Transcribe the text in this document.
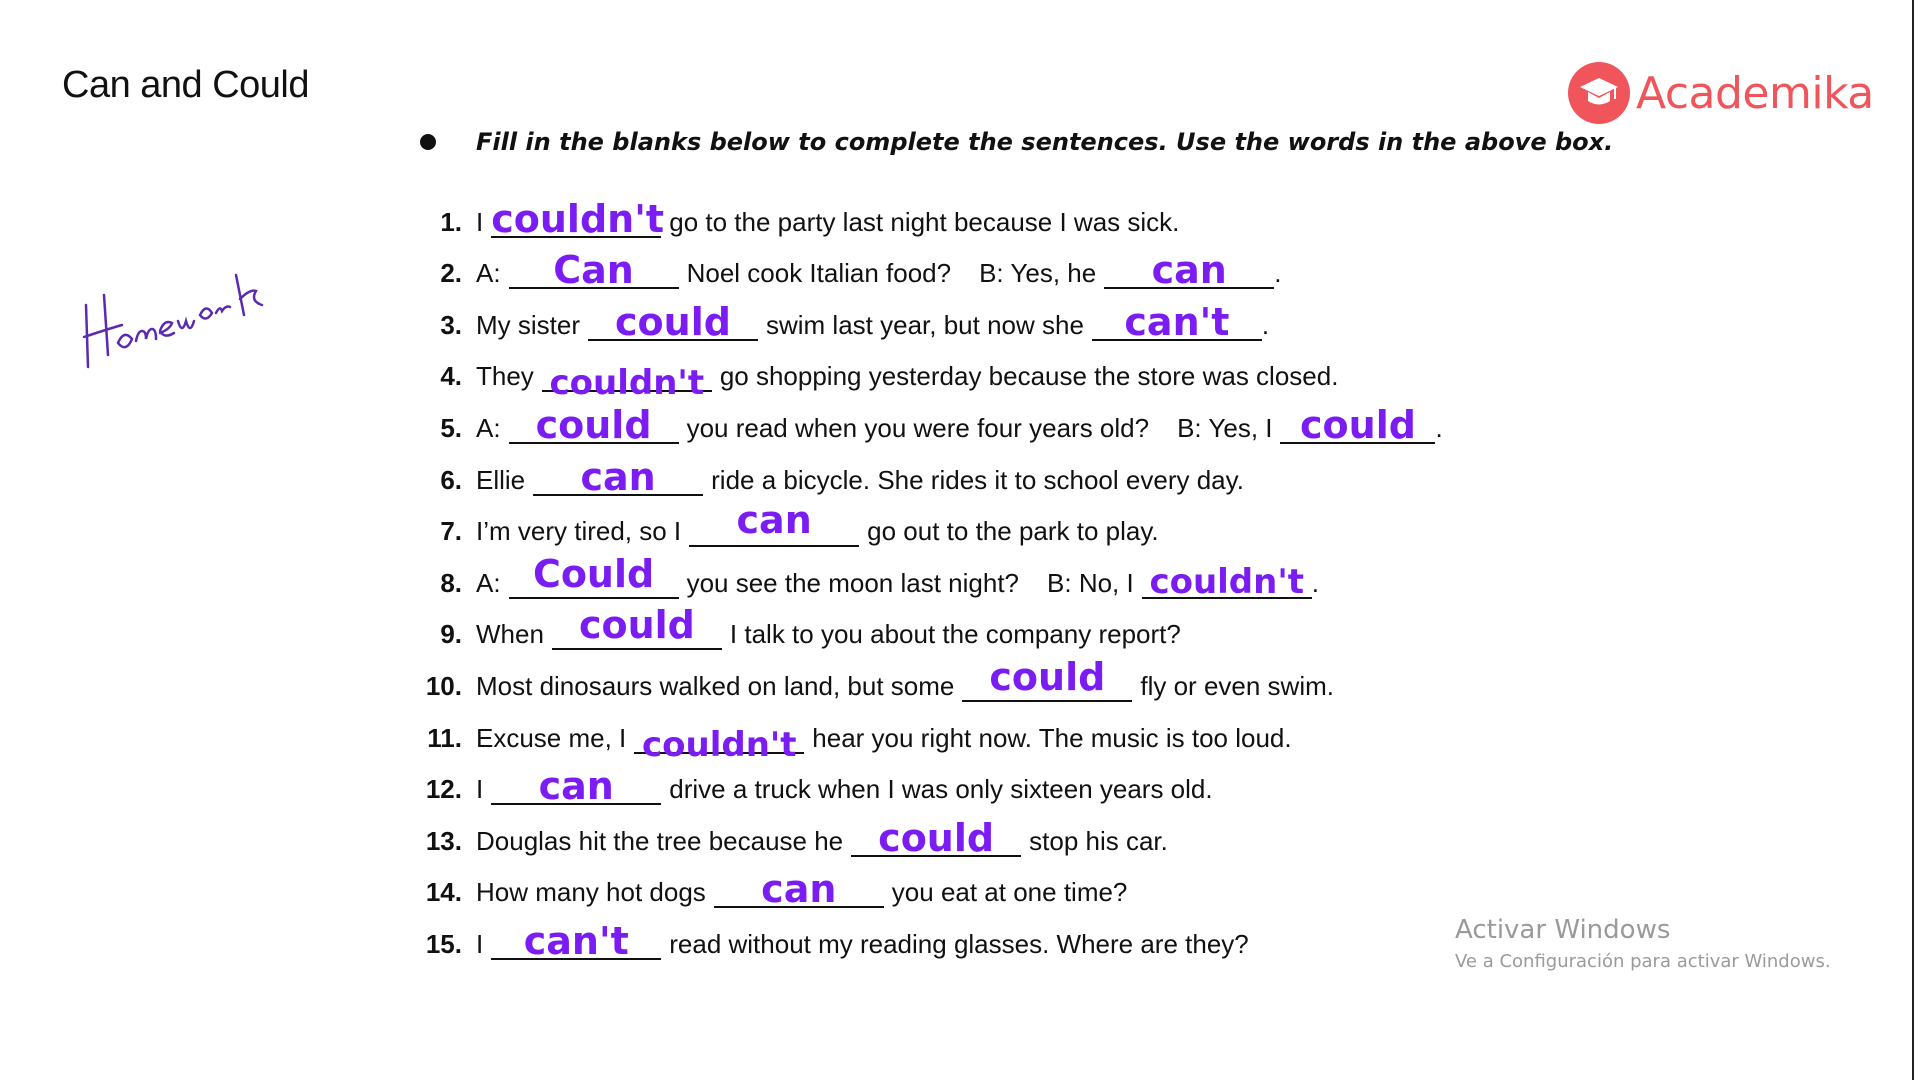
Can and Could	Academika
Fill in the blanks below to complete the sentences. Use the words in the above box.
1. I couldn't go to the party last night because I was sick.
2. A:	Can	Noel cook Italian food? B: Yes, he	can	.
3. My sister could	swim last year, but now she	can't	.
4. They couldn't go shopping yesterday because the store was closed.
5. A: could	you read when you were four years old? B: Yes, I could .
6. Ellie	can	ride a bicycle. She rides it to school every day.
7. I’m very tired, so I	can	go out to the park to play.
8. A: Could	you see the moon last night? B: No, I couldn't .
9. When could	I talk to you about the company report?
10. Most dinosaurs walked on land, but some could	fly or even swim.
11. Excuse me, I couldn't hear you right now. The music is too loud.
12. I	can	drive a truck when I was only sixteen years old.
13. Douglas hit the tree because he could	stop his car.
14. How many hot dogs	can	you eat at one time?
15. I	can't	read without my reading glasses. Where are they?	Activar Windows
Ve a Configuración para activar Windows.
